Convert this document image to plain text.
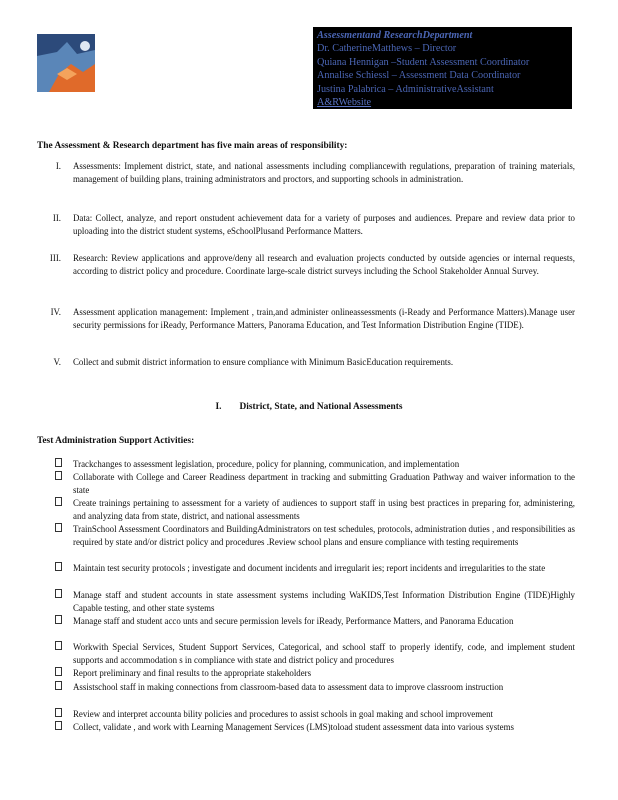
Assessmentand ResearchDepartment
Dr. CatherineMatthews – Director
Quiana Hennigan –Student Assessment Coordinator
Annalise Schiessl – Assessment Data Coordinator
Justina Palabrica – AdministrativeAssistant
A&RWebsite
The Assessment & Research department has five main areas of responsibility:
I. Assessments: Implement district, state, and national assessments including compliancewith regulations, preparation of training materials, management of building plans, training administrators and proctors, and supporting schools in administration.
II. Data: Collect, analyze, and report onstudent achievement data for a variety of purposes and audiences. Prepare and review data prior to uploading into the district student systems, eSchoolPlusand Performance Matters.
III. Research: Review applications and approve/deny all research and evaluation projects conducted by outside agencies or internal requests, according to district policy and procedure. Coordinate large-scale district surveys including the School Stakeholder Annual Survey.
IV. Assessment application management: Implement , train,and administer onlineassessments (i-Ready and Performance Matters).Manage user security permissions for iReady, Performance Matters, Panorama Education, and Test Information Distribution Engine (TIDE).
V. Collect and submit district information to ensure compliance with Minimum BasicEducation requirements.
I. District, State, and National Assessments
Test Administration Support Activities:
Trackchanges to assessment legislation, procedure, policy for planning, communication, and implementation
Collaborate with College and Career Readiness department in tracking and submitting Graduation Pathway and waiver information to the state
Create trainings pertaining to assessment for a variety of audiences to support staff in using best practices in preparing for, administering, and analyzing data from state, district, and national assessments
TrainSchool Assessment Coordinators and BuildingAdministrators on test schedules, protocols, administration duties , and responsibilities as required by state and/or district policy and procedures .Review school plans and ensure compliance with testing requirements
Maintain test security protocols ; investigate and document incidents and irregularit ies; report incidents and irregularities to the state
Manage staff and student accounts in state assessment systems including WaKIDS,Test Information Distribution Engine (TIDE)Highly Capable testing, and other state systems
Manage staff and student acco unts and secure permission levels for iReady, Performance Matters, and Panorama Education
Workwith Special Services, Student Support Services, Categorical, and school staff to properly identify, code, and implement student supports and accommodation s in compliance with state and district policy and procedures
Report preliminary and final results to the appropriate stakeholders
Assistschool staff in making connections from classroom-based data to assessment data to improve classroom instruction
Review and interpret accounta bility policies and procedures to assist schools in goal making and school improvement
Collect, validate , and work with Learning Management Services (LMS)toload student assessment data into various systems
